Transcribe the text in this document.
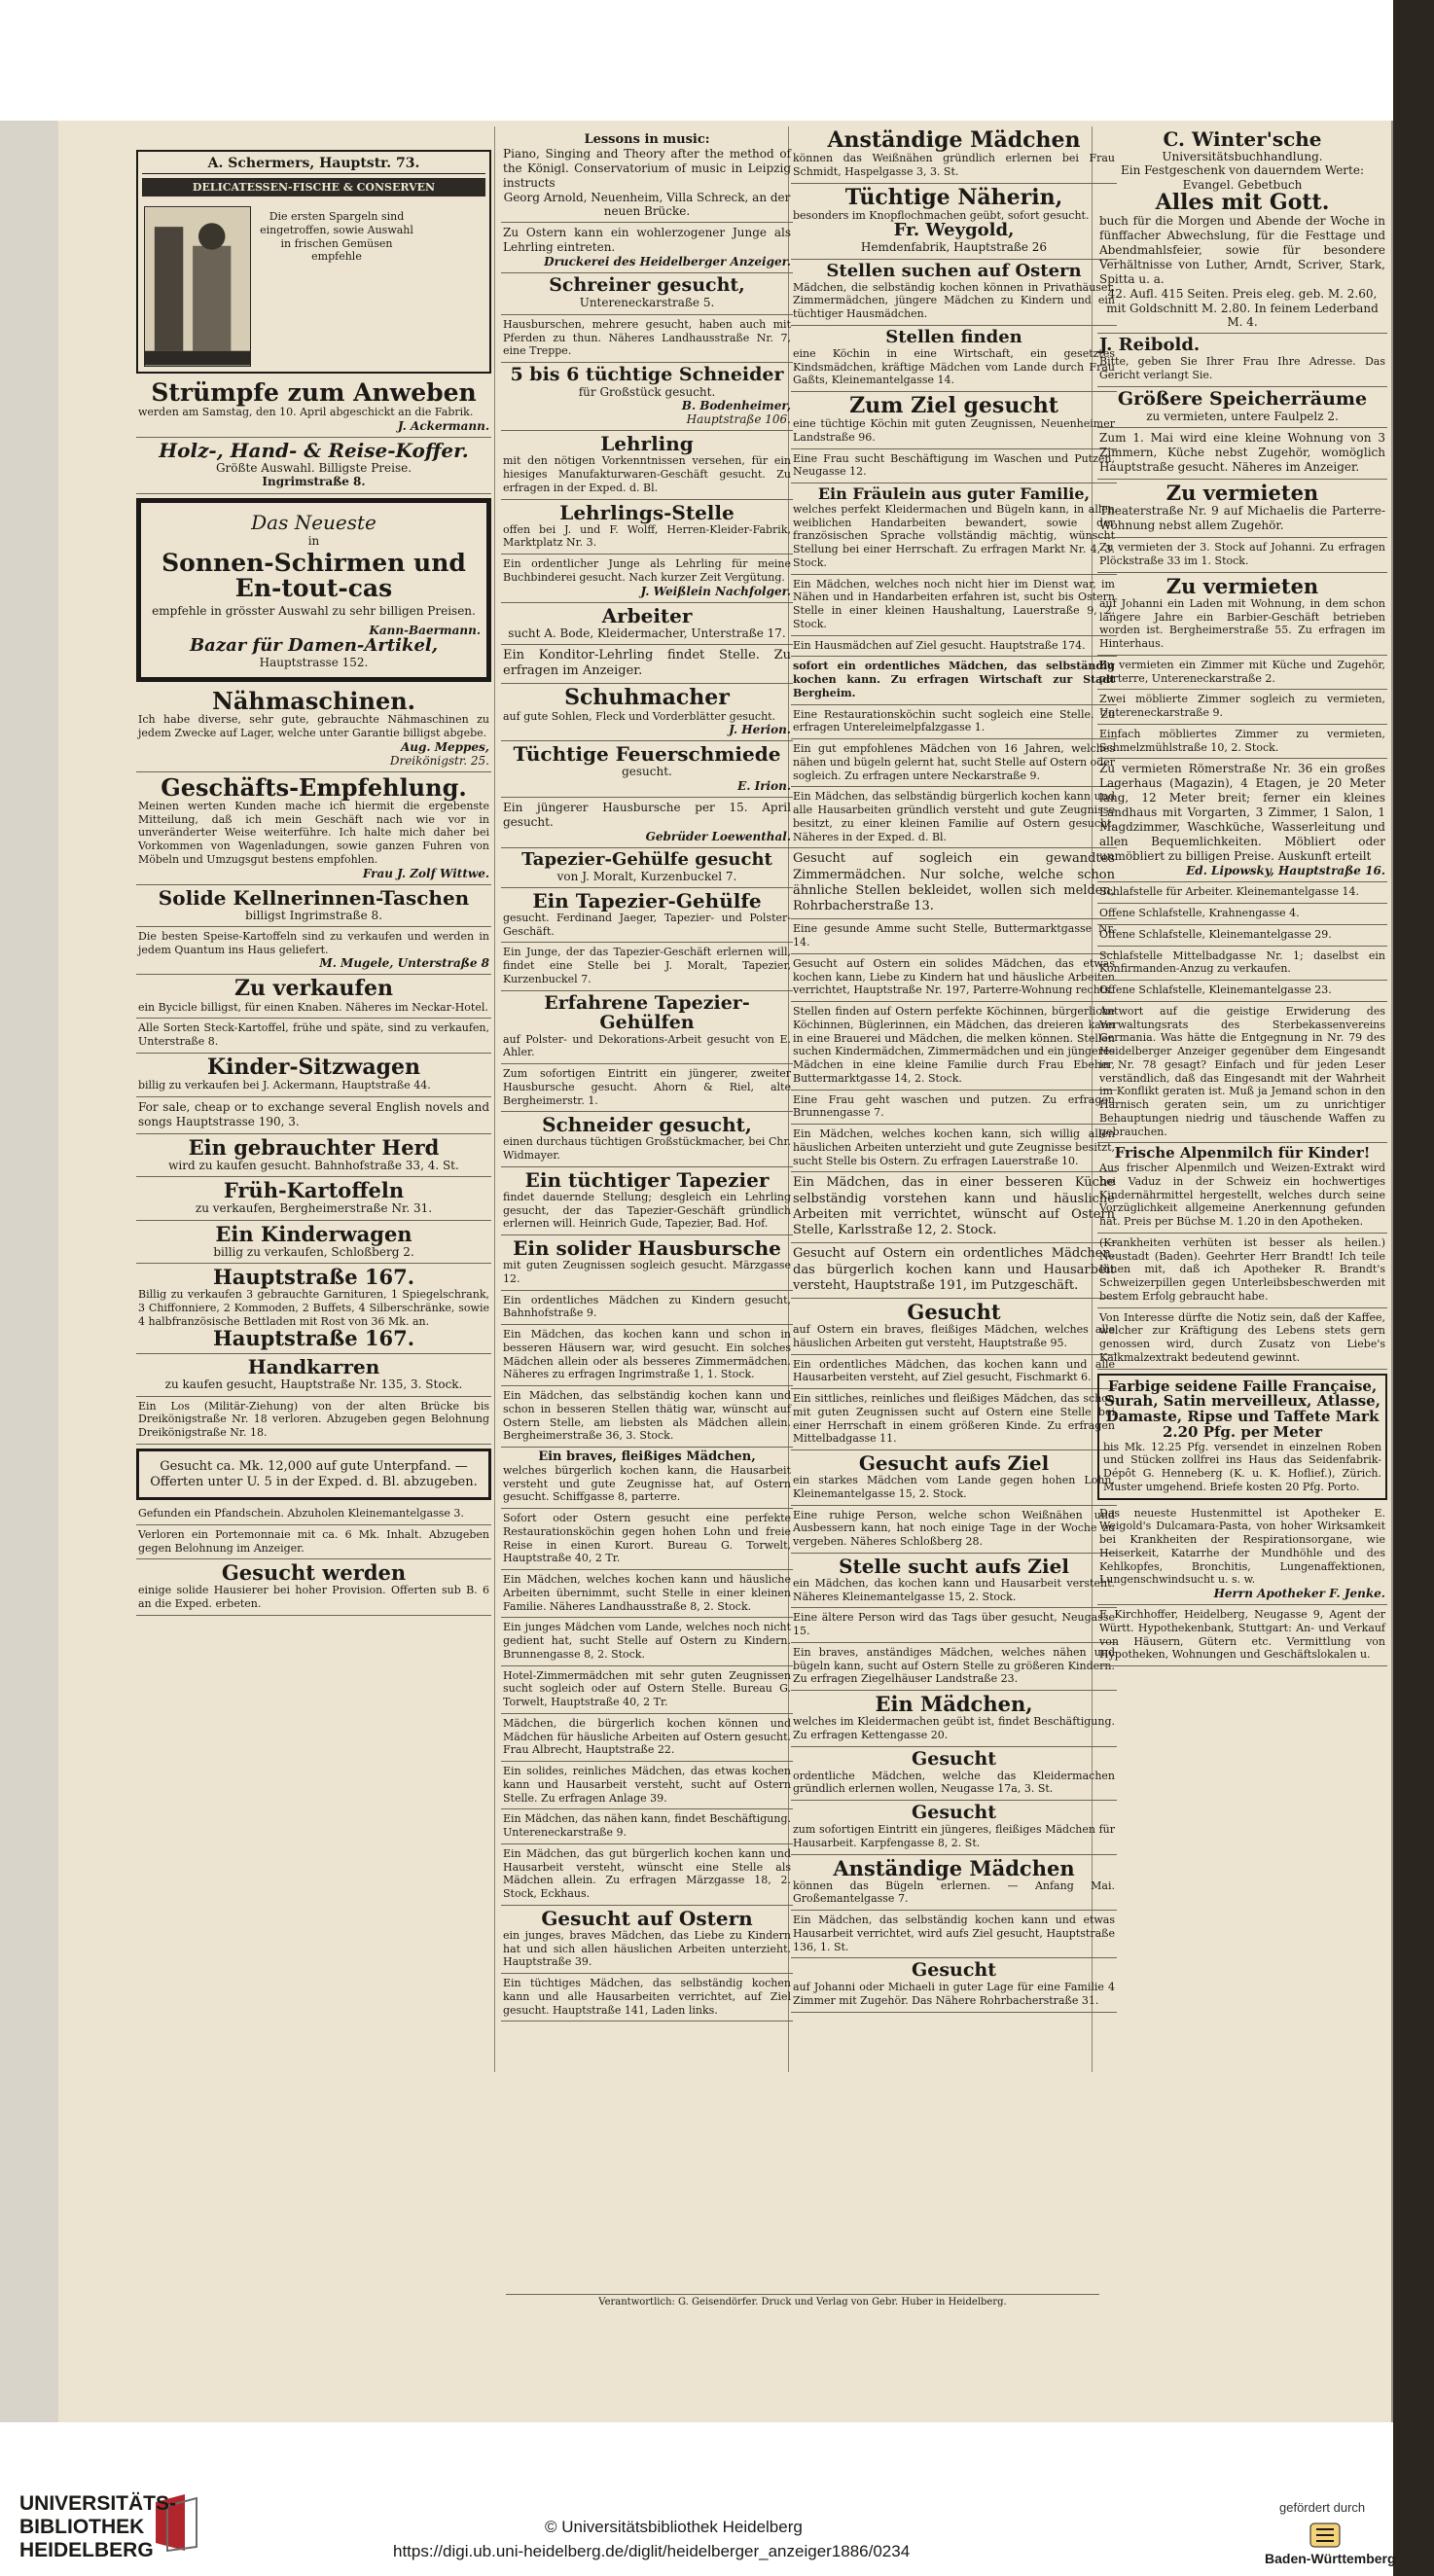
A. Schermers, Hauptstr. 73.
DELICATESSEN-FISCHE & CONSERVEN
Die ersten Spargeln sind eingetroffen, sowie Auswahl in frischen Gemüsen empfehle
Strümpfe zum Anweben
werden am Samstag, den 10. April abgeschickt an die Fabrik.
J. Ackermann.
Holz-, Hand- & Reise-Koffer.
Größte Auswahl. Billigste Preise.
Ingrimstraße 8.
Das Neueste
in
Sonnen-Schirmen und En-tout-cas
empfehle in grösster Auswahl zu sehr billigen Preisen.
Kann-Baermann.
Bazar für Damen-Artikel,
Hauptstrasse 152.
Nähmaschinen.
Ich habe diverse, sehr gute, gebrauchte Nähmaschinen zu jedem Zwecke auf Lager, welche unter Garantie billigst abgebe.
Aug. Meppes,
Dreikönigstr. 25.
Geschäfts-Empfehlung.
Meinen werten Kunden mache ich hiermit die ergebenste Mitteilung, daß ich mein Geschäft nach wie vor in unveränderter Weise weiterführe. Ich halte mich daher bei Vorkommen von Wagenladungen, sowie ganzen Fuhren von Möbeln und Umzugsgut bestens empfohlen.
Frau J. Zolf Wittwe.
Solide Kellnerinnen-Taschen
billigst Ingrimstraße 8.
Die besten Speise-Kartoffeln sind zu verkaufen und werden in jedem Quantum ins Haus geliefert.
M. Mugele, Unterstraße 8
Zu verkaufen
ein Bycicle billigst, für einen Knaben. Näheres im Neckar-Hotel.
Alle Sorten Steck-Kartoffel, frühe und späte, sind zu verkaufen, Unterstraße 8.
Kinder-Sitzwagen
billig zu verkaufen bei J. Ackermann, Hauptstraße 44.
For sale, cheap or to exchange several English novels and songs Hauptstrasse 190, 3.
Ein gebrauchter Herd
wird zu kaufen gesucht. Bahnhofstraße 33, 4. St.
Früh-Kartoffeln
zu verkaufen, Bergheimerstraße Nr. 31.
Ein Kinderwagen
billig zu verkaufen, Schloßberg 2.
Hauptstraße 167.
Billig zu verkaufen 3 gebrauchte Garnituren, 1 Spiegelschrank, 3 Chiffonniere, 2 Kommoden, 2 Buffets, 4 Silberschränke, sowie 4 halbfranzösische Bettladen mit Rost von 36 Mk. an.
Hauptstraße 167.
Handkarren
zu kaufen gesucht, Hauptstraße Nr. 135, 3. Stock.
Ein Los (Militär-Ziehung) von der alten Brücke bis Dreikönigstraße Nr. 18 verloren. Abzugeben gegen Belohnung Dreikönigstraße Nr. 18.
Gesucht ca. Mk. 12,000 auf gute Unterpfand. — Offerten unter U. 5 in der Exped. d. Bl. abzugeben.
Gefunden ein Pfandschein. Abzuholen Kleinemantelgasse 3.
Verloren ein Portemonnaie mit ca. 6 Mk. Inhalt. Abzugeben gegen Belohnung im Anzeiger.
Gesucht werden
einige solide Hausierer bei hoher Provision. Offerten sub B. 6 an die Exped. erbeten.
Lessons in music:
Piano, Singing and Theory after the method of the Königl. Conservatorium of music in Leipzig instructs
Georg Arnold, Neuenheim, Villa Schreck, an der neuen Brücke.
Zu Ostern kann ein wohlerzogener Junge als Lehrling eintreten.
Druckerei des Heidelberger Anzeiger.
Schreiner gesucht,
Untereneckarstraße 5.
Hausburschen, mehrere gesucht, haben auch mit Pferden zu thun. Näheres Landhausstraße Nr. 7, eine Treppe.
5 bis 6 tüchtige Schneider
für Großstück gesucht.
B. Bodenheimer,
Hauptstraße 106.
Lehrling
mit den nötigen Vorkenntnissen versehen, für ein hiesiges Manufakturwaren-Geschäft gesucht. Zu erfragen in der Exped. d. Bl.
Lehrlings-Stelle
offen bei J. und F. Wolff, Herren-Kleider-Fabrik, Marktplatz Nr. 3.
Ein ordentlicher Junge als Lehrling für meine Buchbinderei gesucht. Nach kurzer Zeit Vergütung.
J. Weißlein Nachfolger.
Arbeiter
sucht A. Bode, Kleidermacher, Unterstraße 17.
Ein Konditor-Lehrling findet Stelle. Zu erfragen im Anzeiger.
Schuhmacher
auf gute Sohlen, Fleck und Vorderblätter gesucht.
J. Herion.
Tüchtige Feuerschmiede
gesucht.
E. Irion.
Ein jüngerer Hausbursche per 15. April gesucht.
Gebrüder Loewenthal.
Tapezier-Gehülfe gesucht
von J. Moralt, Kurzenbuckel 7.
Ein Tapezier-Gehülfe
gesucht. Ferdinand Jaeger, Tapezier- und Polster-Geschäft.
Ein Junge, der das Tapezier-Geschäft erlernen will, findet eine Stelle bei J. Moralt, Tapezier, Kurzenbuckel 7.
Erfahrene Tapezier-Gehülfen
auf Polster- und Dekorations-Arbeit gesucht von E. Ahler.
Zum sofortigen Eintritt ein jüngerer, zweiter Hausbursche gesucht. Ahorn & Riel, alte Bergheimerstr. 1.
Schneider gesucht,
einen durchaus tüchtigen Großstückmacher, bei Chr. Widmayer.
Ein tüchtiger Tapezier
findet dauernde Stellung; desgleich ein Lehrling gesucht, der das Tapezier-Geschäft gründlich erlernen will. Heinrich Gude, Tapezier, Bad. Hof.
Ein solider Hausbursche
mit guten Zeugnissen sogleich gesucht. Märzgasse 12.
Ein ordentliches Mädchen zu Kindern gesucht, Bahnhofstraße 9.
Ein Mädchen, das kochen kann und schon in besseren Häusern war, wird gesucht. Ein solches Mädchen allein oder als besseres Zimmermädchen. Näheres zu erfragen Ingrimstraße 1, 1. Stock.
Ein Mädchen, das selbständig kochen kann und schon in besseren Stellen thätig war, wünscht auf Ostern Stelle, am liebsten als Mädchen allein. Bergheimerstraße 36, 3. Stock.
Ein braves, fleißiges Mädchen,
welches bürgerlich kochen kann, die Hausarbeit versteht und gute Zeugnisse hat, auf Ostern gesucht. Schiffgasse 8, parterre.
Sofort oder Ostern gesucht eine perfekte Restaurationsköchin gegen hohen Lohn und freie Reise in einen Kurort. Bureau G. Torwelt, Hauptstraße 40, 2 Tr.
Ein Mädchen, welches kochen kann und häusliche Arbeiten übernimmt, sucht Stelle in einer kleinen Familie. Näheres Landhausstraße 8, 2. Stock.
Ein junges Mädchen vom Lande, welches noch nicht gedient hat, sucht Stelle auf Ostern zu Kindern. Brunnengasse 8, 2. Stock.
Hotel-Zimmermädchen mit sehr guten Zeugnissen sucht sogleich oder auf Ostern Stelle. Bureau G. Torwelt, Hauptstraße 40, 2 Tr.
Mädchen, die bürgerlich kochen können und Mädchen für häusliche Arbeiten auf Ostern gesucht. Frau Albrecht, Hauptstraße 22.
Ein solides, reinliches Mädchen, das etwas kochen kann und Hausarbeit versteht, sucht auf Ostern Stelle. Zu erfragen Anlage 39.
Ein Mädchen, das nähen kann, findet Beschäftigung. Untereneckarstraße 9.
Ein Mädchen, das gut bürgerlich kochen kann und Hausarbeit versteht, wünscht eine Stelle als Mädchen allein. Zu erfragen Märzgasse 18, 2. Stock, Eckhaus.
Gesucht auf Ostern
ein junges, braves Mädchen, das Liebe zu Kindern hat und sich allen häuslichen Arbeiten unterzieht. Hauptstraße 39.
Ein tüchtiges Mädchen, das selbständig kochen kann und alle Hausarbeiten verrichtet, auf Ziel gesucht. Hauptstraße 141, Laden links.
Anständige Mädchen
können das Weißnähen gründlich erlernen bei Frau Schmidt, Haspelgasse 3, 3. St.
Tüchtige Näherin,
besonders im Knopflochmachen geübt, sofort gesucht.
Fr. Weygold,
Hemdenfabrik, Hauptstraße 26
Stellen suchen auf Ostern
Mädchen, die selbständig kochen können in Privathäuser, Zimmermädchen, jüngere Mädchen zu Kindern und ein tüchtiger Hausmädchen.
Stellen finden
eine Köchin in eine Wirtschaft, ein gesetztes Kindsmädchen, kräftige Mädchen vom Lande durch Frau Gaßts, Kleinemantelgasse 14.
Zum Ziel gesucht
eine tüchtige Köchin mit guten Zeugnissen, Neuenheimer Landstraße 96.
Eine Frau sucht Beschäftigung im Waschen und Putzen, Neugasse 12.
Ein Fräulein aus guter Familie,
welches perfekt Kleidermachen und Bügeln kann, in allen weiblichen Handarbeiten bewandert, sowie der französischen Sprache vollständig mächtig, wünscht Stellung bei einer Herrschaft. Zu erfragen Markt Nr. 4, 3. Stock.
Ein Mädchen, welches noch nicht hier im Dienst war, im Nähen und in Handarbeiten erfahren ist, sucht bis Ostern Stelle in einer kleinen Haushaltung, Lauerstraße 9, 2. Stock.
Ein Hausmädchen auf Ziel gesucht. Hauptstraße 174.
sofort ein ordentliches Mädchen, das selbständig kochen kann. Zu erfragen Wirtschaft zur Stadt Bergheim.
Eine Restaurationsköchin sucht sogleich eine Stelle. Zu erfragen Untereleimelpfalzgasse 1.
Ein gut empfohlenes Mädchen von 16 Jahren, welches nähen und bügeln gelernt hat, sucht Stelle auf Ostern oder sogleich. Zu erfragen untere Neckarstraße 9.
Ein Mädchen, das selbständig bürgerlich kochen kann und alle Hausarbeiten gründlich versteht und gute Zeugnisse besitzt, zu einer kleinen Familie auf Ostern gesucht. Näheres in der Exped. d. Bl.
Gesucht auf sogleich ein gewandtes Zimmermädchen. Nur solche, welche schon ähnliche Stellen bekleidet, wollen sich melden, Rohrbacherstraße 13.
Eine gesunde Amme sucht Stelle, Buttermarktgasse Nr. 14.
Gesucht auf Ostern ein solides Mädchen, das etwas kochen kann, Liebe zu Kindern hat und häusliche Arbeiten verrichtet, Hauptstraße Nr. 197, Parterre-Wohnung rechts.
Stellen finden auf Ostern perfekte Köchinnen, bürgerliche Köchinnen, Büglerinnen, ein Mädchen, das dreieren kann in eine Brauerei und Mädchen, die melken können. Stellen suchen Kindermädchen, Zimmermädchen und ein jüngeres Mädchen in eine kleine Familie durch Frau Ebeher, Buttermarktgasse 14, 2. Stock.
Eine Frau geht waschen und putzen. Zu erfragen Brunnengasse 7.
Ein Mädchen, welches kochen kann, sich willig allen häuslichen Arbeiten unterzieht und gute Zeugnisse besitzt, sucht Stelle bis Ostern. Zu erfragen Lauerstraße 10.
Ein Mädchen, das in einer besseren Küche selbständig vorstehen kann und häusliche Arbeiten mit verrichtet, wünscht auf Ostern Stelle, Karlsstraße 12, 2. Stock.
Gesucht auf Ostern ein ordentliches Mädchen, das bürgerlich kochen kann und Hausarbeit versteht, Hauptstraße 191, im Putzgeschäft.
Gesucht
auf Ostern ein braves, fleißiges Mädchen, welches alle häuslichen Arbeiten gut versteht, Hauptstraße 95.
Ein ordentliches Mädchen, das kochen kann und alle Hausarbeiten versteht, auf Ziel gesucht, Fischmarkt 6.
Ein sittliches, reinliches und fleißiges Mädchen, das schon mit guten Zeugnissen sucht auf Ostern eine Stelle bei einer Herrschaft in einem größeren Kinde. Zu erfragen Mittelbadgasse 11.
Gesucht aufs Ziel
ein starkes Mädchen vom Lande gegen hohen Lohn, Kleinemantelgasse 15, 2. Stock.
Eine ruhige Person, welche schon Weißnähen und Ausbessern kann, hat noch einige Tage in der Woche zu vergeben. Näheres Schloßberg 28.
Stelle sucht aufs Ziel
ein Mädchen, das kochen kann und Hausarbeit versteht. Näheres Kleinemantelgasse 15, 2. Stock.
Eine ältere Person wird das Tags über gesucht, Neugasse 15.
Ein braves, anständiges Mädchen, welches nähen und bügeln kann, sucht auf Ostern Stelle zu größeren Kindern. Zu erfragen Ziegelhäuser Landstraße 23.
Ein Mädchen,
welches im Kleidermachen geübt ist, findet Beschäftigung. Zu erfragen Kettengasse 20.
Gesucht
ordentliche Mädchen, welche das Kleidermachen gründlich erlernen wollen, Neugasse 17a, 3. St.
Gesucht
zum sofortigen Eintritt ein jüngeres, fleißiges Mädchen für Hausarbeit. Karpfengasse 8, 2. St.
Anständige Mädchen
können das Bügeln erlernen. — Anfang Mai. Großemantelgasse 7.
Ein Mädchen, das selbständig kochen kann und etwas Hausarbeit verrichtet, wird aufs Ziel gesucht, Hauptstraße 136, 1. St.
Gesucht
auf Johanni oder Michaeli in guter Lage für eine Familie 4 Zimmer mit Zugehör. Das Nähere Rohrbacherstraße 31.
Verantwortlich: G. Geisendörfer. Druck und Verlag von Gebr. Huber in Heidelberg.
C. Winter'sche
Universitätsbuchhandlung.
Ein Festgeschenk von dauerndem Werte: Evangel. Gebetbuch
Alles mit Gott.
buch für die Morgen und Abende der Woche in fünffacher Abwechslung, für die Festtage und Abendmahlsfeier, sowie für besondere Verhältnisse von Luther, Arndt, Scriver, Stark, Spitta u. a.
42. Aufl. 415 Seiten. Preis eleg. geb. M. 2.60, mit Goldschnitt M. 2.80. In feinem Lederband M. 4.
J. Reibold.
Bitte, geben Sie Ihrer Frau Ihre Adresse. Das Gericht verlangt Sie.
Größere Speicherräume
zu vermieten, untere Faulpelz 2.
Zum 1. Mai wird eine kleine Wohnung von 3 Zimmern, Küche nebst Zugehör, womöglich Hauptstraße gesucht. Näheres im Anzeiger.
Zu vermieten
Theaterstraße Nr. 9 auf Michaelis die Parterre-Wohnung nebst allem Zugehör.
Zu vermieten der 3. Stock auf Johanni. Zu erfragen Plöckstraße 33 im 1. Stock.
Zu vermieten
auf Johanni ein Laden mit Wohnung, in dem schon längere Jahre ein Barbier-Geschäft betrieben worden ist. Bergheimerstraße 55. Zu erfragen im Hinterhaus.
Zu vermieten ein Zimmer mit Küche und Zugehör, parterre, Untereneckarstraße 2.
Zwei möblierte Zimmer sogleich zu vermieten, Untereneckarstraße 9.
Einfach möbliertes Zimmer zu vermieten, Schmelzmühlstraße 10, 2. Stock.
Zu vermieten Römerstraße Nr. 36 ein großes Lagerhaus (Magazin), 4 Etagen, je 20 Meter lang, 12 Meter breit; ferner ein kleines Landhaus mit Vorgarten, 3 Zimmer, 1 Salon, 1 Magdzimmer, Waschküche, Wasserleitung und allen Bequemlichkeiten. Möbliert oder unmöbliert zu billigen Preise. Auskunft erteilt
Ed. Lipowsky, Hauptstraße 16.
Schlafstelle für Arbeiter. Kleinemantelgasse 14.
Offene Schlafstelle, Krahnengasse 4.
Offene Schlafstelle, Kleinemantelgasse 29.
Schlafstelle Mittelbadgasse Nr. 1; daselbst ein Konfirmanden-Anzug zu verkaufen.
Offene Schlafstelle, Kleinemantelgasse 23.
Antwort auf die geistige Erwiderung des Verwaltungsrats des Sterbekassenvereins Germania. Was hätte die Entgegnung in Nr. 79 des Heidelberger Anzeiger gegenüber dem Eingesandt in Nr. 78 gesagt? Einfach und für jeden Leser verständlich, daß das Eingesandt mit der Wahrheit im Konflikt geraten ist. Muß ja Jemand schon in den Harnisch geraten sein, um zu unrichtiger Behauptungen niedrig und täuschende Waffen zu gebrauchen.
Frische Alpenmilch für Kinder!
Aus frischer Alpenmilch und Weizen-Extrakt wird bei Vaduz in der Schweiz ein hochwertiges Kindernährmittel hergestellt, welches durch seine Vorzüglichkeit allgemeine Anerkennung gefunden hat. Preis per Büchse M. 1.20 in den Apotheken.
(Krankheiten verhüten ist besser als heilen.) Neustadt (Baden). Geehrter Herr Brandt! Ich teile Ihnen mit, daß ich Apotheker R. Brandt's Schweizerpillen gegen Unterleibsbeschwerden mit bestem Erfolg gebraucht habe.
Von Interesse dürfte die Notiz sein, daß der Kaffee, welcher zur Kräftigung des Lebens stets gern genossen wird, durch Zusatz von Liebe's Kalkmalzextrakt bedeutend gewinnt.
Farbige seidene Faille Française, Surah, Satin merveilleux, Atlasse, Damaste, Ripse und Taffete Mark 2.20 Pfg. per Meter
bis Mk. 12.25 Pfg. versendet in einzelnen Roben und Stücken zollfrei ins Haus das Seidenfabrik-Dépôt G. Henneberg (K. u. K. Hoflief.), Zürich. Muster umgehend. Briefe kosten 20 Pfg. Porto.
Das neueste Hustenmittel ist Apotheker E. Weigold's Dulcamara-Pasta, von hoher Wirksamkeit bei Krankheiten der Respirationsorgane, wie Heiserkeit, Katarrhe der Mundhöhle und des Kehlkopfes, Bronchitis, Lungenaffektionen, Lungenschwindsucht u. s. w.
Herrn Apotheker F. Jenke.
F. Kirchhoffer, Heidelberg, Neugasse 9, Agent der Württ. Hypothekenbank, Stuttgart: An- und Verkauf von Häusern, Gütern etc. Vermittlung von Hypotheken, Wohnungen und Geschäftslokalen u.
UNIVERSITÄTS-
BIBLIOTHEK
HEIDELBERG
© Universitätsbibliothek Heidelberg
https://digi.ub.uni-heidelberg.de/diglit/heidelberger_anzeiger1886/0234
gefördert durch
Baden-Württemberg
